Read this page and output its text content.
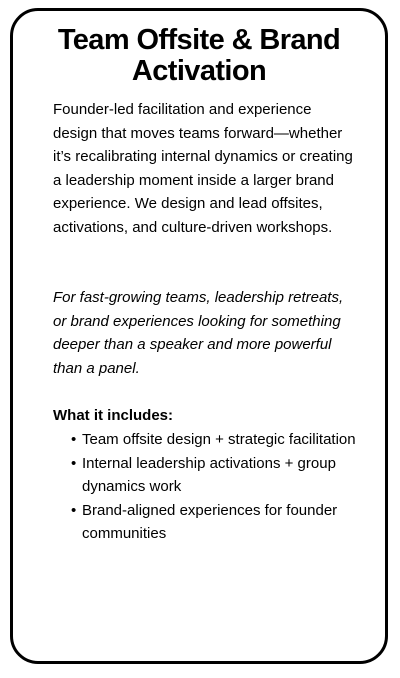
Team Offsite & Brand
Activation

Founder-led facilitation and experience design that moves teams forward—whether it’s recalibrating internal dynamics or creating a leadership moment inside a larger brand experience. We design and lead offsites, activations, and culture-driven workshops.

For fast-growing teams, leadership retreats, or brand experiences looking for something deeper than a speaker and more powerful than a panel.

What it includes:

• Team offsite design + strategic facilitation
• Internal leadership activations + group dynamics work
• Brand-aligned experiences for founder communities
